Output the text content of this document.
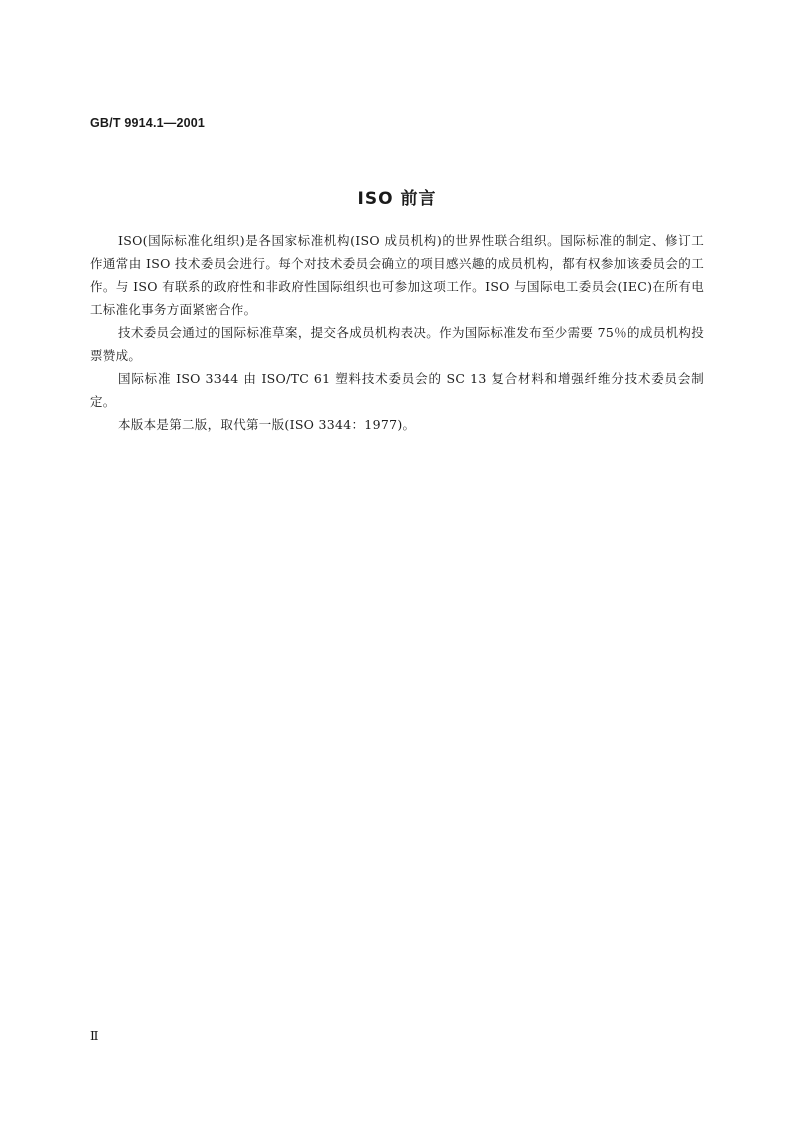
GB/T 9914.1—2001
ISO 前言

ISO(国际标准化组织)是各国家标准机构(ISO 成员机构)的世界性联合组织。国际标准的制定、修订工作通常由 ISO 技术委员会进行。每个对技术委员会确立的项目感兴趣的成员机构，都有权参加该委员会的工作。与 ISO 有联系的政府性和非政府性国际组织也可参加这项工作。ISO 与国际电工委员会(IEC)在所有电工标准化事务方面紧密合作。

技术委员会通过的国际标准草案，提交各成员机构表决。作为国际标准发布至少需要 75％的成员机构投票赞成。

国际标准 ISO 3344 由 ISO/TC 61 塑料技术委员会的 SC 13 复合材料和增强纤维分技术委员会制定。

本版本是第二版，取代第一版(ISO 3344：1977)。

Ⅱ
